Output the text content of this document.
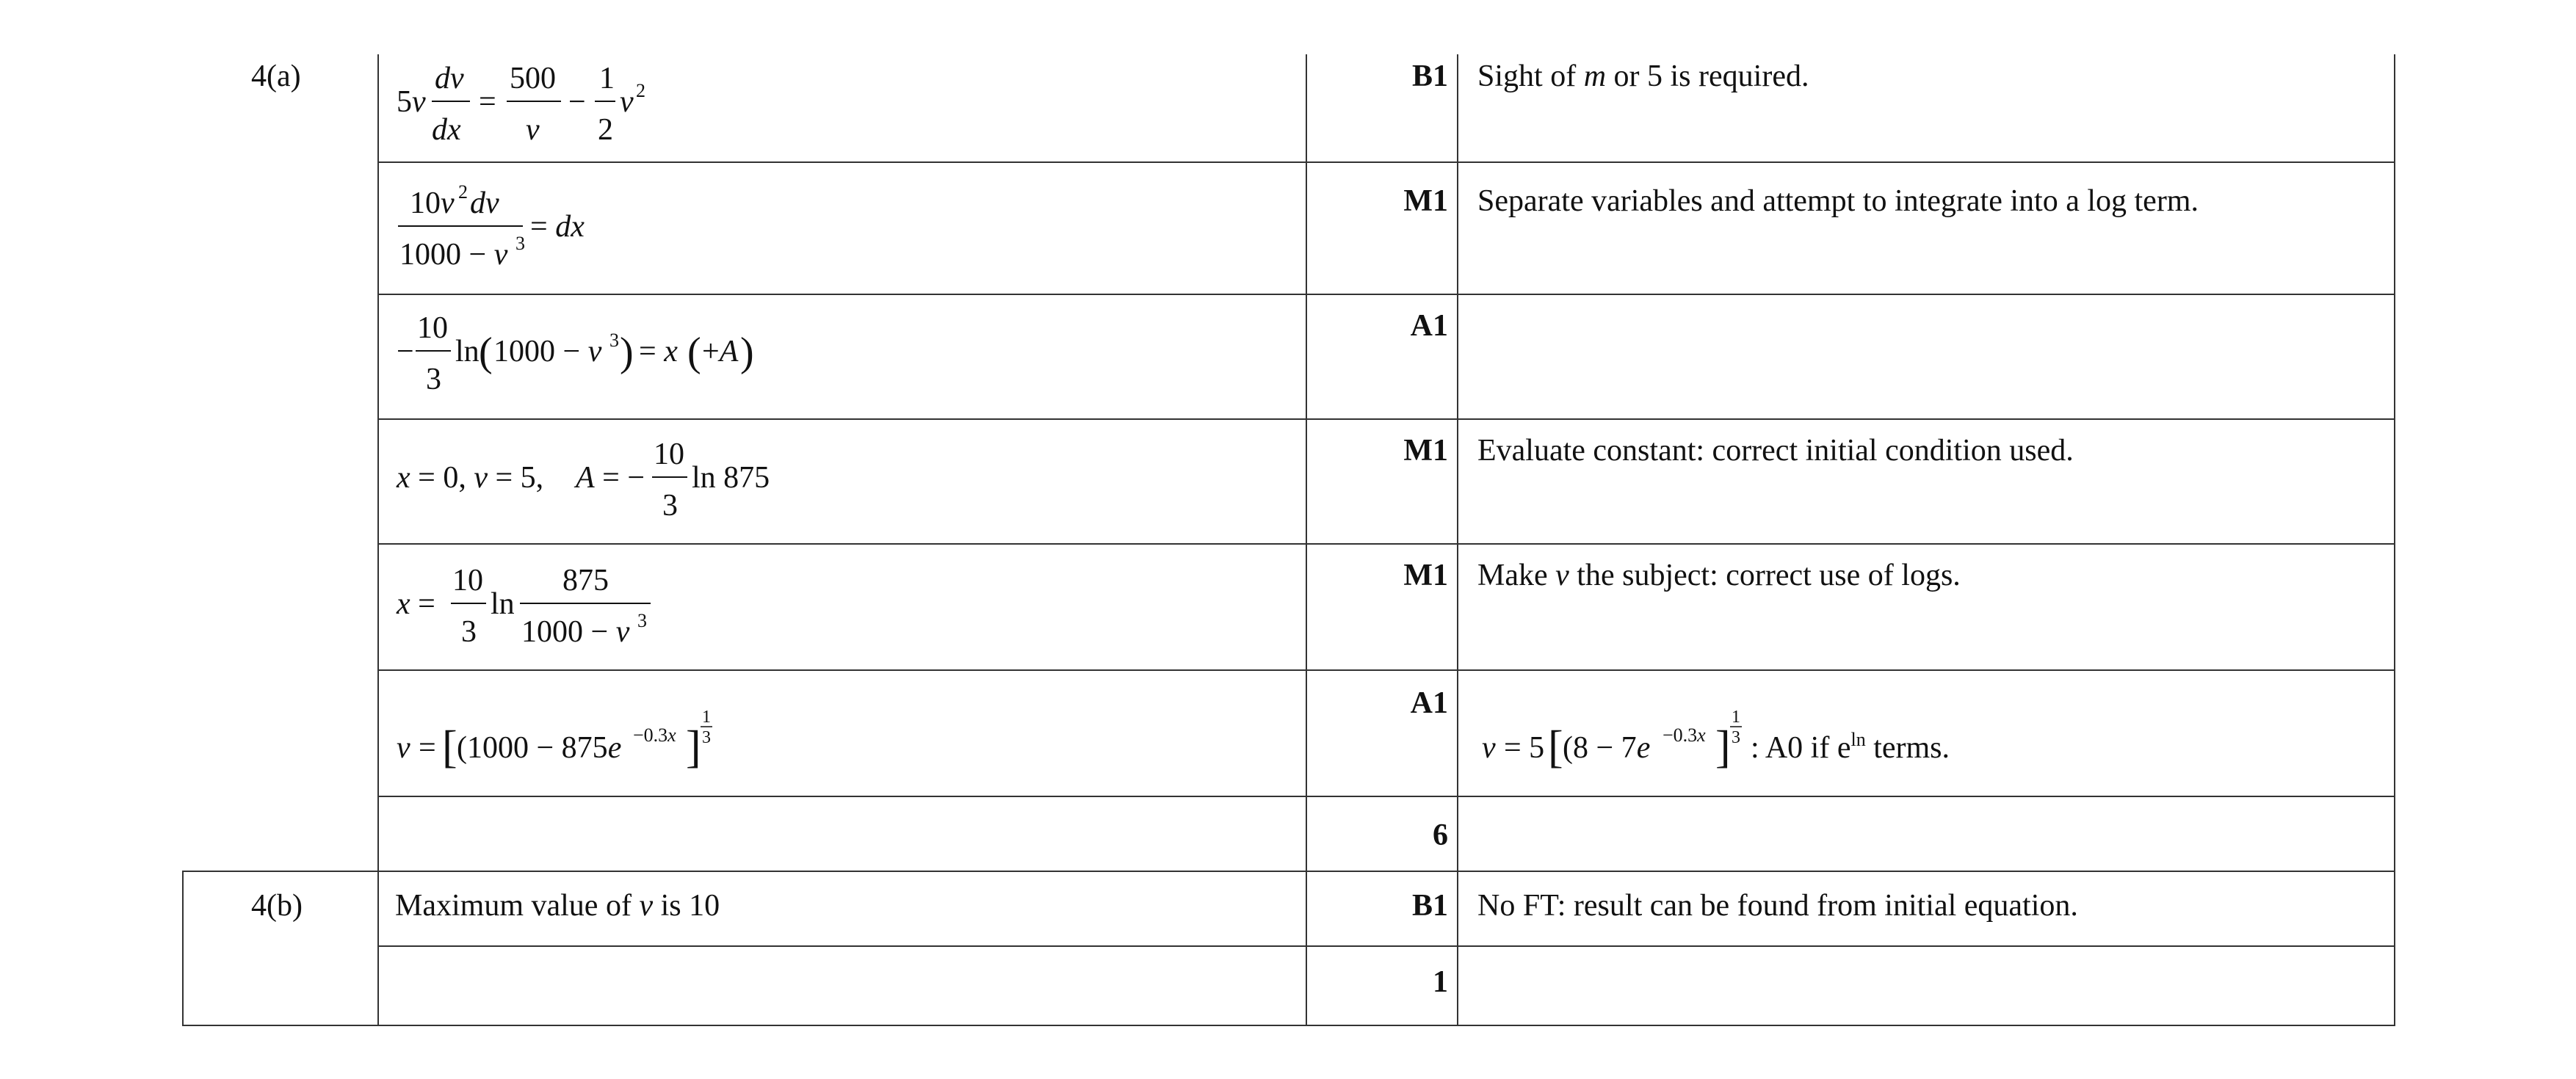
4(a)
4(b)
5v
dv
dx
=
500
v
−
1
2
v 2	B1 Sight of m or 5 is required.
10v 2 dv
1000 − v 3 = dx
M1 Separate variables and attempt to integrate into a log term.
−
10
3
ln ( 1000 − v 3 ) = x ( +A )
A1
x = 0, v = 5, A = −
10
3
ln 875
M1 Evaluate constant: correct initial condition used.
x =
10
3
ln
875
1000 − v 3
M1 Make v the subject: correct use of logs.
v = [ (1000 − 875e −0.3x ]
1
3
A1
v = 5 [ (8 − 7e −0.3x ]
1
3 : A0 if $e^{ln}$ terms.
6
Maximum value of v is 10	B1 No FT: result can be found from initial equation.
1
